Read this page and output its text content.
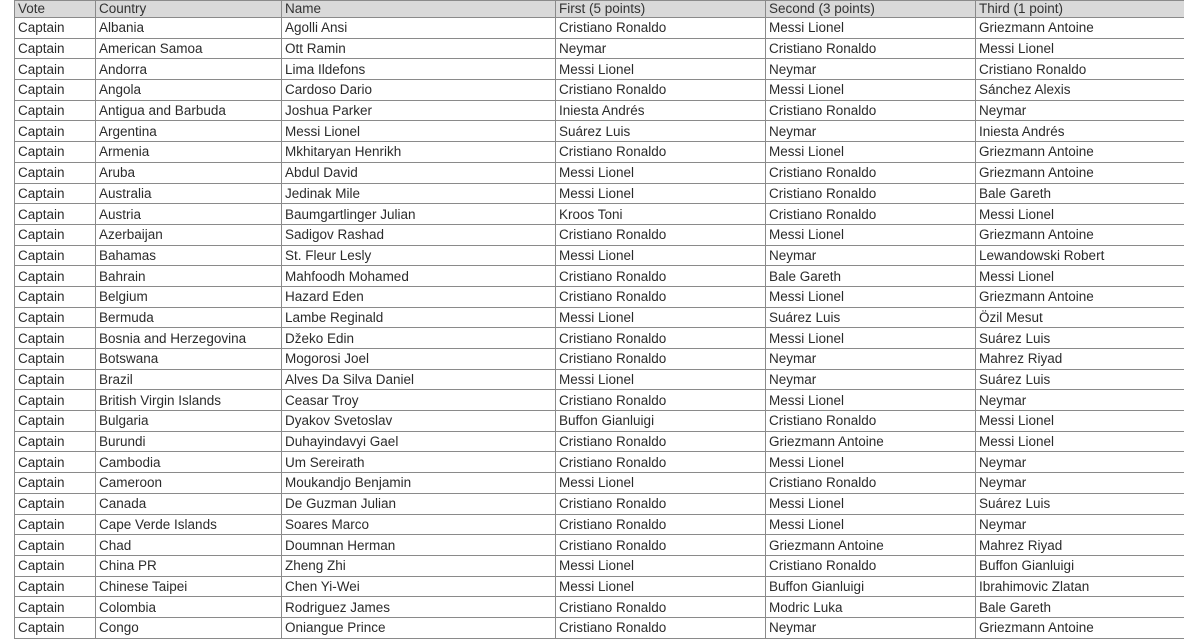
Vote	Country	Name	First (5 points)	Second (3 points)	Third (1 point)
Captain	Albania	Agolli Ansi	Cristiano Ronaldo	Messi Lionel	Griezmann Antoine
Captain	American Samoa	Ott Ramin	Neymar	Cristiano Ronaldo	Messi Lionel
Captain	Andorra	Lima Ildefons	Messi Lionel	Neymar	Cristiano Ronaldo
Captain	Angola	Cardoso Dario	Cristiano Ronaldo	Messi Lionel	Sánchez Alexis
Captain	Antigua and Barbuda	Joshua Parker	Iniesta Andrés	Cristiano Ronaldo	Neymar
Captain	Argentina	Messi Lionel	Suárez Luis	Neymar	Iniesta Andrés
Captain	Armenia	Mkhitaryan Henrikh	Cristiano Ronaldo	Messi Lionel	Griezmann Antoine
Captain	Aruba	Abdul David	Messi Lionel	Cristiano Ronaldo	Griezmann Antoine
Captain	Australia	Jedinak Mile	Messi Lionel	Cristiano Ronaldo	Bale Gareth
Captain	Austria	Baumgartlinger Julian	Kroos Toni	Cristiano Ronaldo	Messi Lionel
Captain	Azerbaijan	Sadigov Rashad	Cristiano Ronaldo	Messi Lionel	Griezmann Antoine
Captain	Bahamas	St. Fleur Lesly	Messi Lionel	Neymar	Lewandowski Robert
Captain	Bahrain	Mahfoodh Mohamed	Cristiano Ronaldo	Bale Gareth	Messi Lionel
Captain	Belgium	Hazard Eden	Cristiano Ronaldo	Messi Lionel	Griezmann Antoine
Captain	Bermuda	Lambe Reginald	Messi Lionel	Suárez Luis	Özil Mesut
Captain	Bosnia and Herzegovina	Džeko Edin	Cristiano Ronaldo	Messi Lionel	Suárez Luis
Captain	Botswana	Mogorosi Joel	Cristiano Ronaldo	Neymar	Mahrez Riyad
Captain	Brazil	Alves Da Silva Daniel	Messi Lionel	Neymar	Suárez Luis
Captain	British Virgin Islands	Ceasar Troy	Cristiano Ronaldo	Messi Lionel	Neymar
Captain	Bulgaria	Dyakov Svetoslav	Buffon Gianluigi	Cristiano Ronaldo	Messi Lionel
Captain	Burundi	Duhayindavyi Gael	Cristiano Ronaldo	Griezmann Antoine	Messi Lionel
Captain	Cambodia	Um Sereirath	Cristiano Ronaldo	Messi Lionel	Neymar
Captain	Cameroon	Moukandjo Benjamin	Messi Lionel	Cristiano Ronaldo	Neymar
Captain	Canada	De Guzman Julian	Cristiano Ronaldo	Messi Lionel	Suárez Luis
Captain	Cape Verde Islands	Soares Marco	Cristiano Ronaldo	Messi Lionel	Neymar
Captain	Chad	Doumnan Herman	Cristiano Ronaldo	Griezmann Antoine	Mahrez Riyad
Captain	China PR	Zheng Zhi	Messi Lionel	Cristiano Ronaldo	Buffon Gianluigi
Captain	Chinese Taipei	Chen Yi-Wei	Messi Lionel	Buffon Gianluigi	Ibrahimovic Zlatan
Captain	Colombia	Rodriguez James	Cristiano Ronaldo	Modric Luka	Bale Gareth
Captain	Congo	Oniangue Prince	Cristiano Ronaldo	Neymar	Griezmann Antoine
